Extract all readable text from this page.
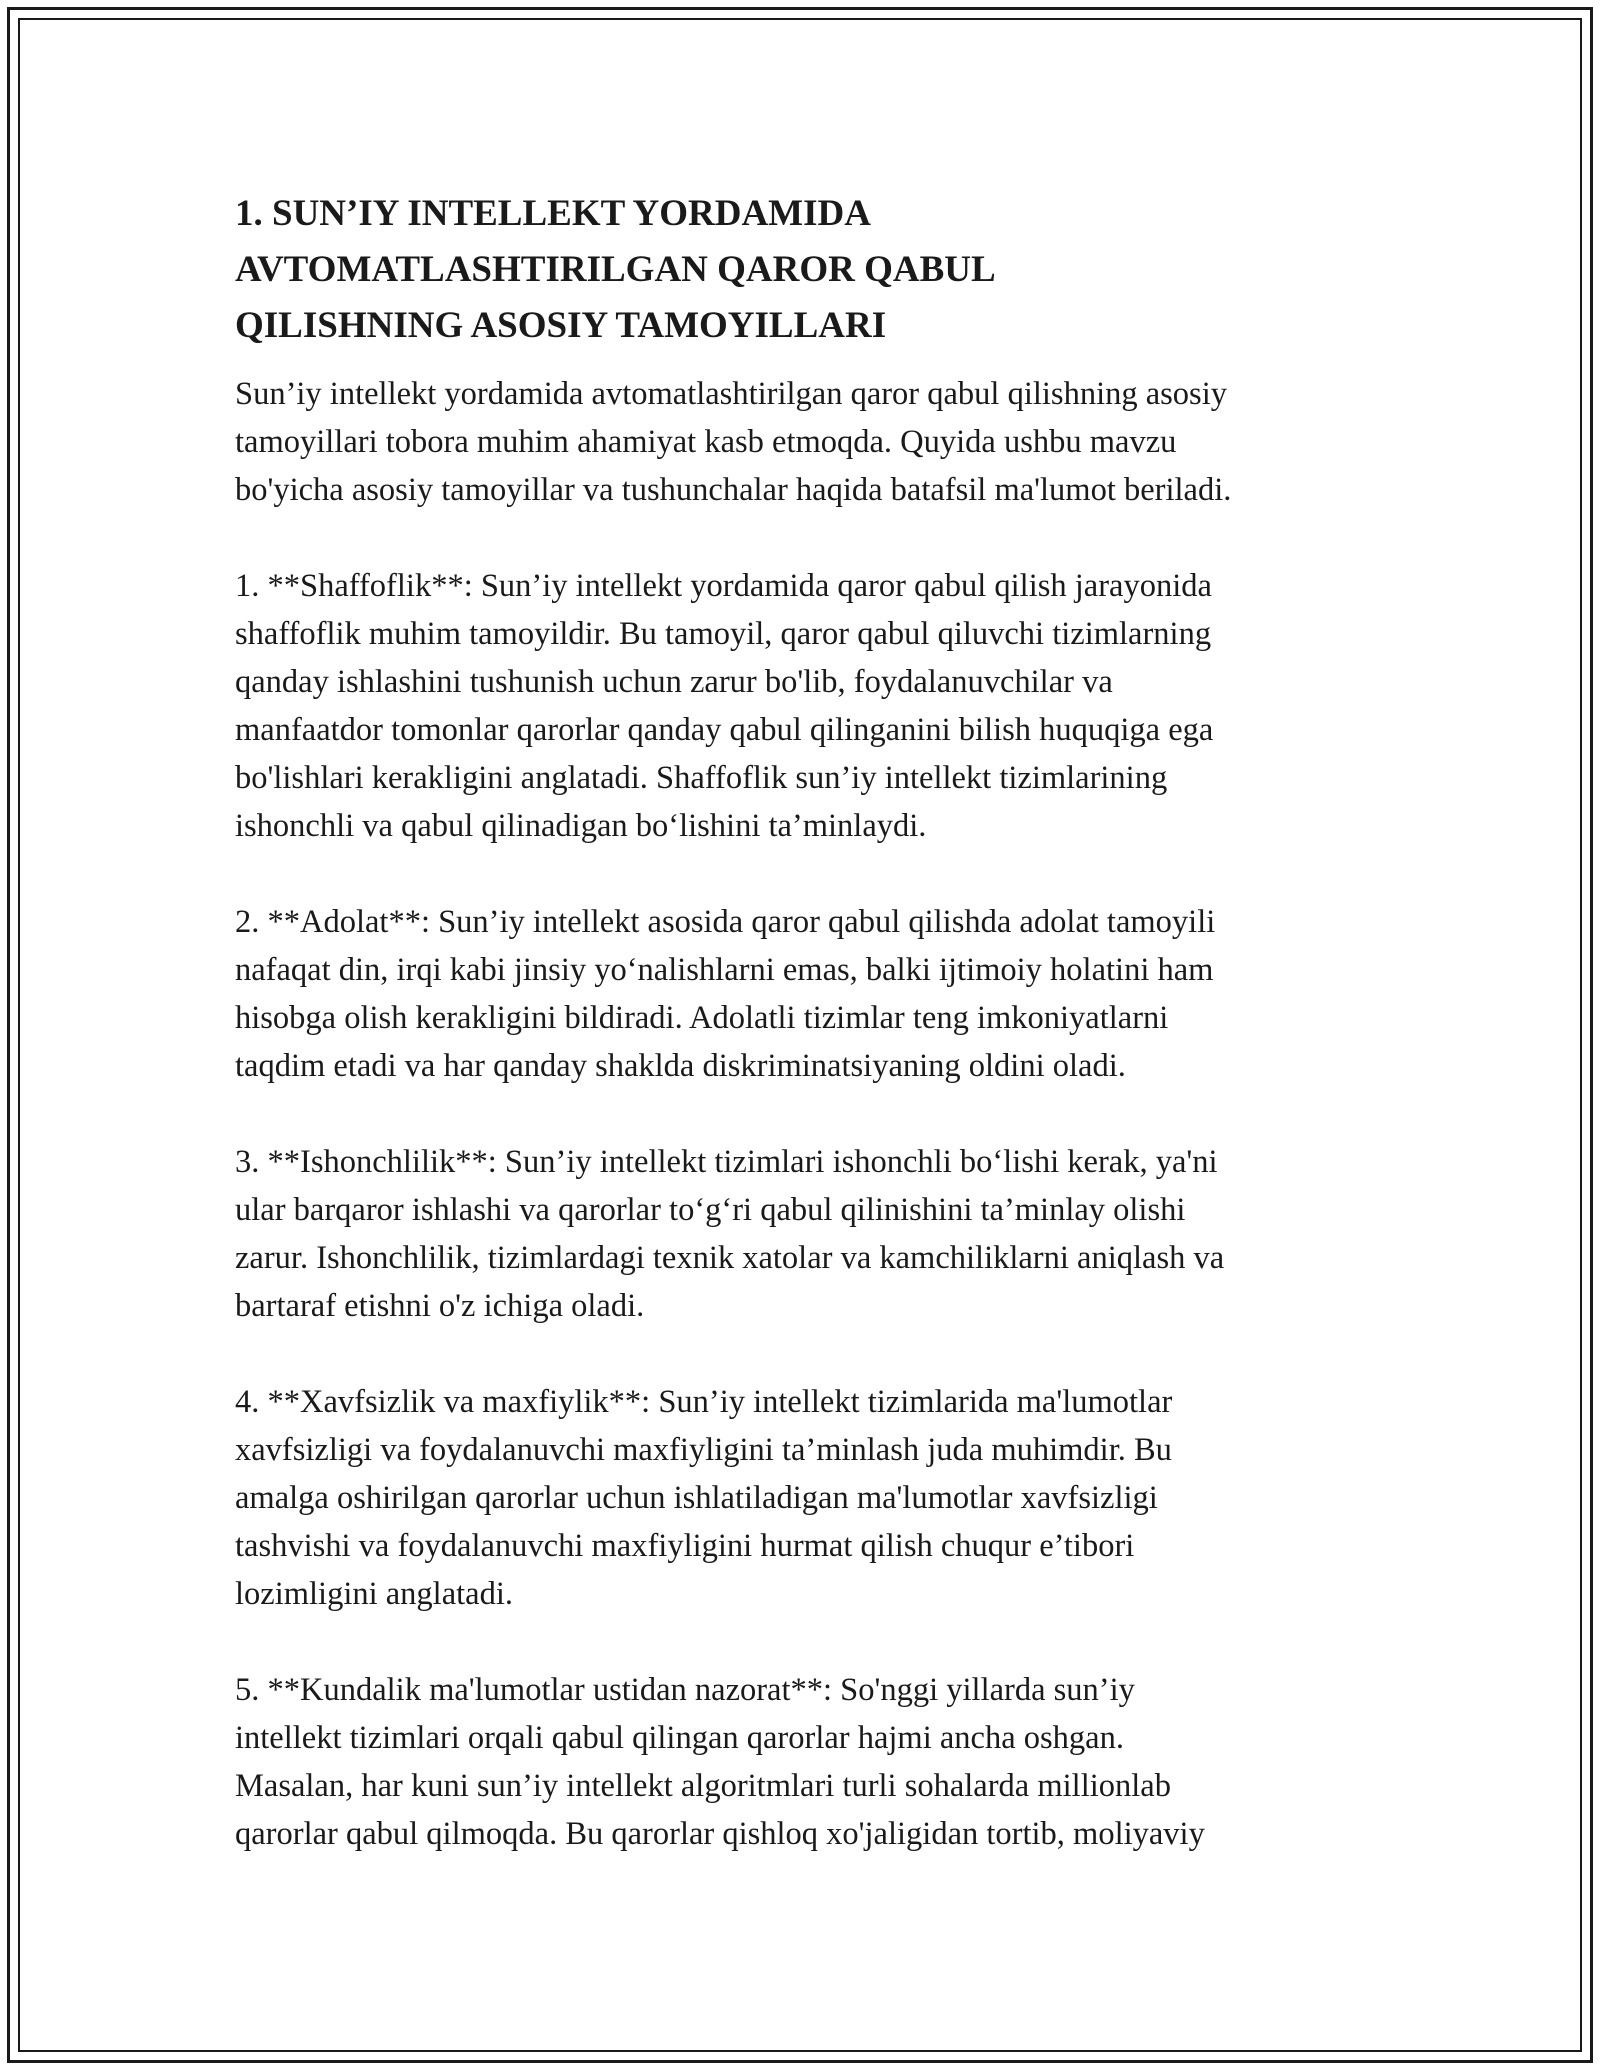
1. SUN’IY INTELLEKT YORDAMIDA
AVTOMATLASHTIRILGAN QAROR QABUL
QILISHNING ASOSIY TAMOYILLARI

Sun’iy intellekt yordamida avtomatlashtirilgan qaror qabul qilishning asosiy
tamoyillari tobora muhim ahamiyat kasb etmoqda. Quyida ushbu mavzu
bo'yicha asosiy tamoyillar va tushunchalar haqida batafsil ma'lumot beriladi.

1. **Shaffoflik**: Sun’iy intellekt yordamida qaror qabul qilish jarayonida
shaffoflik muhim tamoyildir. Bu tamoyil, qaror qabul qiluvchi tizimlarning
qanday ishlashini tushunish uchun zarur bo'lib, foydalanuvchilar va
manfaatdor tomonlar qarorlar qanday qabul qilinganini bilish huquqiga ega
bo'lishlari kerakligini anglatadi. Shaffoflik sun’iy intellekt tizimlarining
ishonchli va qabul qilinadigan bo‘lishini ta’minlaydi.

2. **Adolat**: Sun’iy intellekt asosida qaror qabul qilishda adolat tamoyili
nafaqat din, irqi kabi jinsiy yo‘nalishlarni emas, balki ijtimoiy holatini ham
hisobga olish kerakligini bildiradi. Adolatli tizimlar teng imkoniyatlarni
taqdim etadi va har qanday shaklda diskriminatsiyaning oldini oladi.

3. **Ishonchlilik**: Sun’iy intellekt tizimlari ishonchli bo‘lishi kerak, ya'ni
ular barqaror ishlashi va qarorlar to‘g‘ri qabul qilinishini ta’minlay olishi
zarur. Ishonchlilik, tizimlardagi texnik xatolar va kamchiliklarni aniqlash va
bartaraf etishni o'z ichiga oladi.

4. **Xavfsizlik va maxfiylik**: Sun’iy intellekt tizimlarida ma'lumotlar
xavfsizligi va foydalanuvchi maxfiyligini ta’minlash juda muhimdir. Bu
amalga oshirilgan qarorlar uchun ishlatiladigan ma'lumotlar xavfsizligi
tashvishi va foydalanuvchi maxfiyligini hurmat qilish chuqur e’tibori
lozimligini anglatadi.

5. **Kundalik ma'lumotlar ustidan nazorat**: So'nggi yillarda sun’iy
intellekt tizimlari orqali qabul qilingan qarorlar hajmi ancha oshgan.
Masalan, har kuni sun’iy intellekt algoritmlari turli sohalarda millionlab
qarorlar qabul qilmoqda. Bu qarorlar qishloq xo'jaligidan tortib, moliyaviy
